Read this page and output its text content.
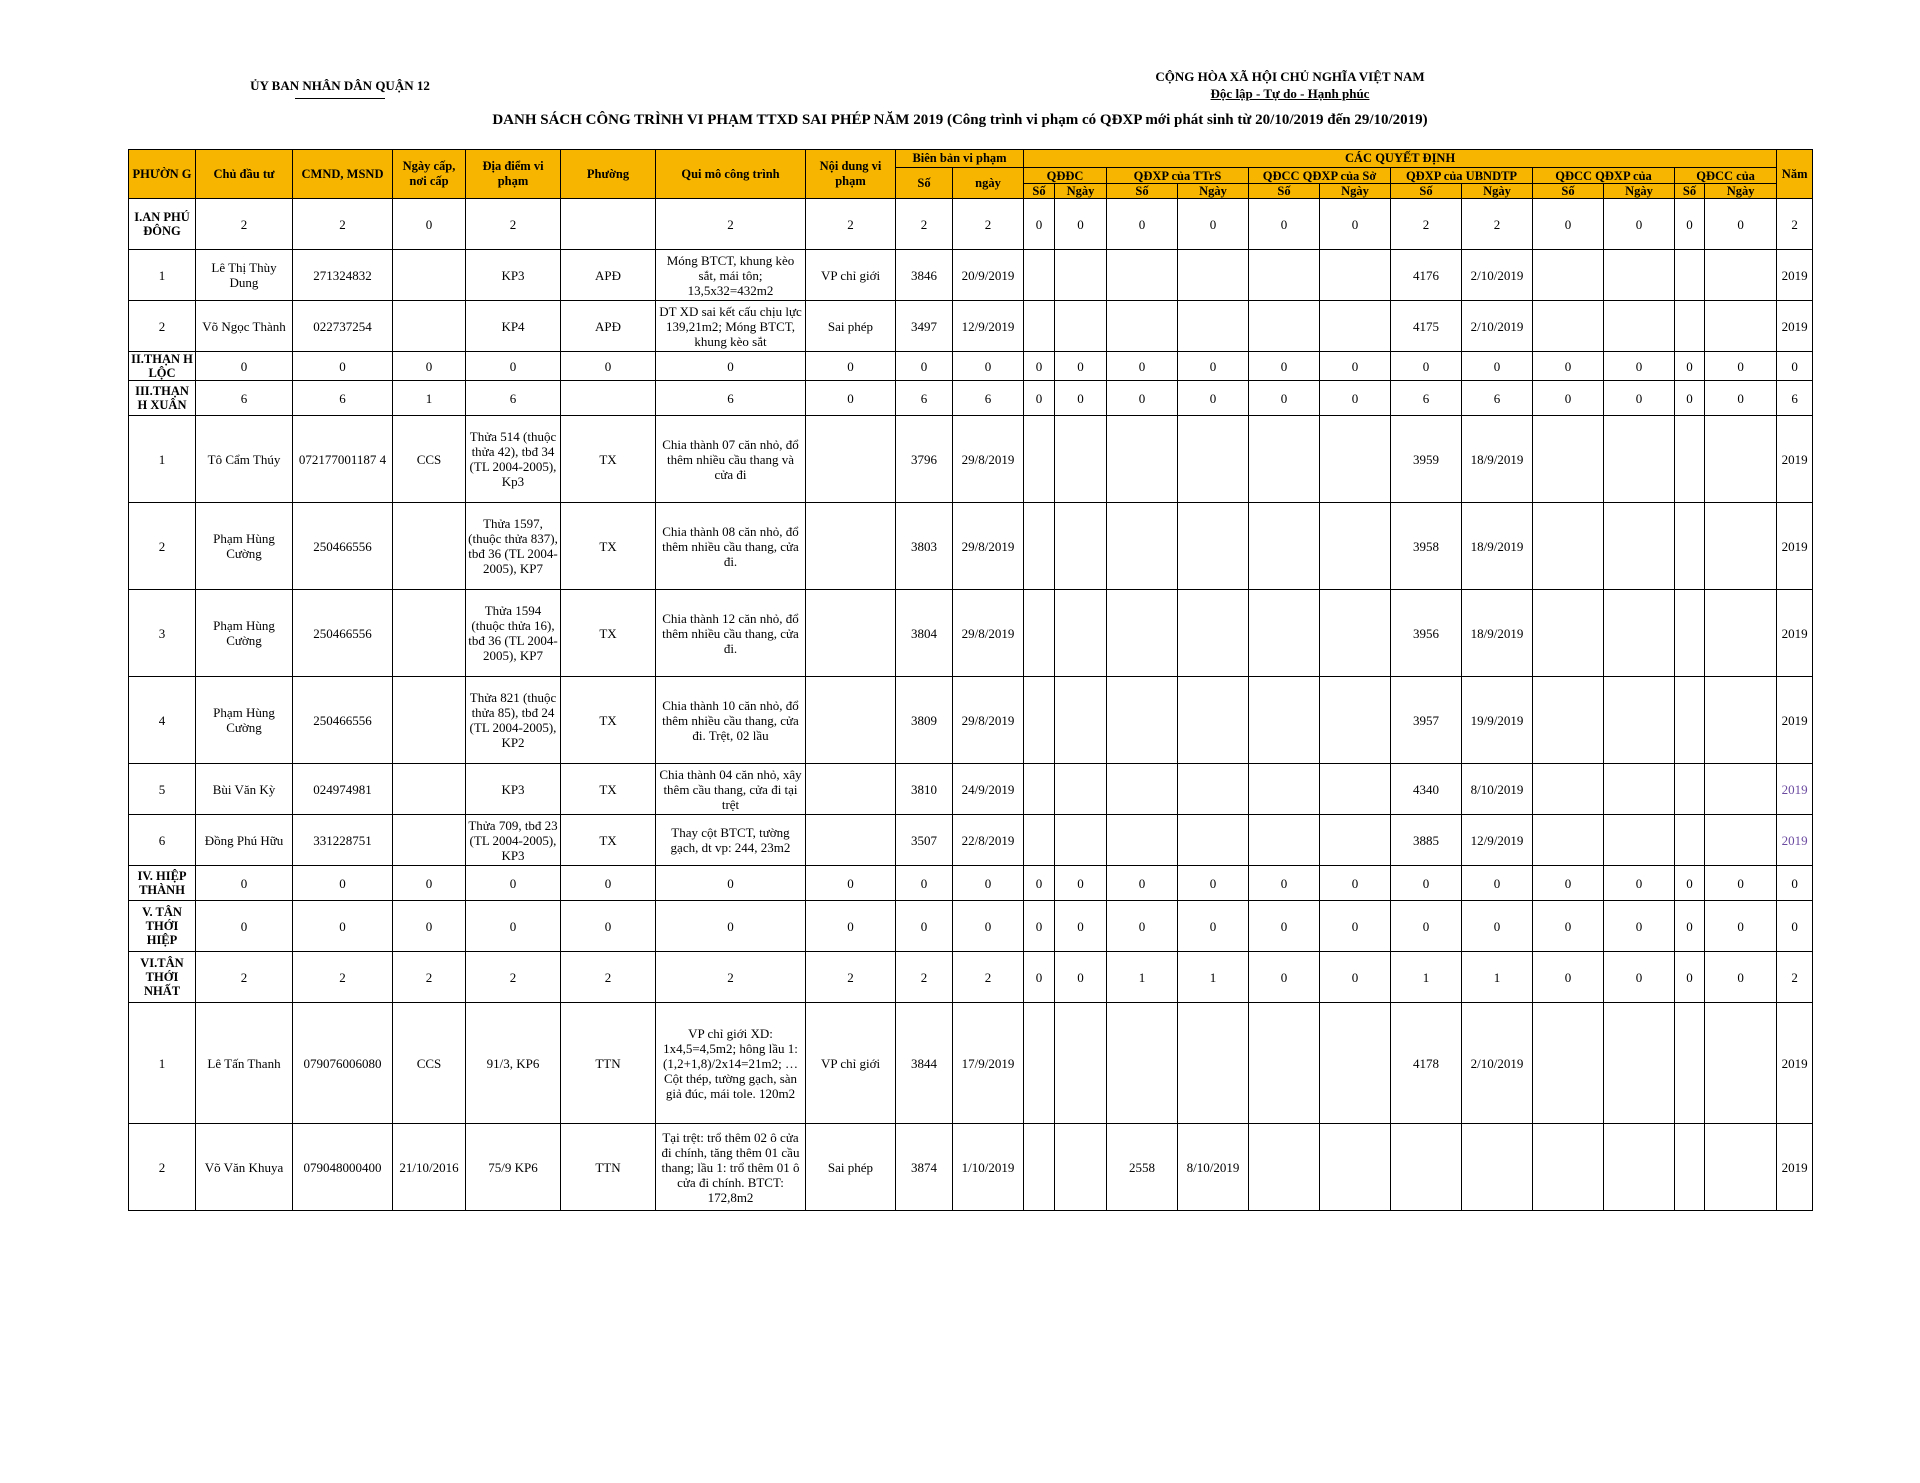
ỦY BAN NHÂN DÂN QUẬN 12
CỘNG HÒA XÃ HỘI CHỦ NGHĨA VIỆT NAM
Độc lập - Tự do - Hạnh phúc
DANH SÁCH CÔNG TRÌNH VI PHẠM TTXD SAI PHÉP NĂM 2019 (Công trình vi phạm có QĐXP mới phát sinh từ 20/10/2019 đến 29/10/2019)
PHƯỜN G	Chủ đầu tư	CMND, MSND	Ngày cấp, nơi cấp	Địa điểm vi phạm	Phường	Qui mô công trình	Nội dung vi phạm	Biên bản vi phạm		CÁC QUYẾT ĐỊNH												Năm
								Số	ngày	QĐĐC		QĐXP của TTrS		QĐCC QĐXP của Sở		QĐXP của UBNDTP		QĐCC QĐXP của		QĐCC của		
										Số	Ngày	Số	Ngày	Số	Ngày	Số	Ngày	Số	Ngày	Số	Ngày	
I.AN PHÚ ĐÔNG	2	2	0	2		2	2	2	2	0	0	0	0	0	0	2	2	0	0	0	0	2
1	Lê Thị Thùy Dung	271324832		KP3	APĐ	Móng BTCT, khung kèo sắt, mái tôn; 13,5x32=432m2	VP chỉ giới	3846	20/9/2019							4176	2/10/2019					2019
2	Võ Ngọc Thành	022737254		KP4	APĐ	DT XD sai kết cấu chịu lực 139,21m2; Móng BTCT, khung kèo sắt	Sai phép	3497	12/9/2019							4175	2/10/2019					2019
II.THẠN H LỘC	0	0	0	0	0	0	0	0	0	0	0	0	0	0	0	0	0	0	0	0	0	0
III.THẠN H XUÂN	6	6	1	6		6	0	6	6	0	0	0	0	0	0	6	6	0	0	0	0	6
1	Tô Cẩm Thúy	072177001187 4	CCS	Thửa 514 (thuộc thửa 42), tbđ 34 (TL 2004-2005), Kp3	TX	Chia thành 07 căn nhỏ, đổ thêm nhiều cầu thang và cửa đi		3796	29/8/2019							3959	18/9/2019					2019
2	Phạm Hùng Cường	250466556		Thửa 1597, (thuộc thửa 837), tbđ 36 (TL 2004-2005), KP7	TX	Chia thành 08 căn nhỏ, đổ thêm nhiều cầu thang, cửa đi.		3803	29/8/2019							3958	18/9/2019					2019
3	Phạm Hùng Cường	250466556		Thửa 1594 (thuộc thửa 16), tbđ 36 (TL 2004-2005), KP7	TX	Chia thành 12 căn nhỏ, đổ thêm nhiều cầu thang, cửa đi.		3804	29/8/2019							3956	18/9/2019					2019
4	Phạm Hùng Cường	250466556		Thửa 821 (thuộc thửa 85), tbđ 24 (TL 2004-2005), KP2	TX	Chia thành 10 căn nhỏ, đổ thêm nhiều cầu thang, cửa đi. Trệt, 02 lầu		3809	29/8/2019							3957	19/9/2019					2019
5	Bùi Văn Kỳ	024974981		KP3	TX	Chia thành 04 căn nhỏ, xây thêm cầu thang, cửa đi tại trệt		3810	24/9/2019							4340	8/10/2019					2019
6	Đồng Phú Hữu	331228751		Thửa 709, tbđ 23 (TL 2004-2005), KP3	TX	Thay cột BTCT, tường gạch, dt vp: 244, 23m2		3507	22/8/2019							3885	12/9/2019					2019
IV. HIỆP THÀNH	0	0	0	0	0	0	0	0	0	0	0	0	0	0	0	0	0	0	0	0	0	0
V. TÂN THỚI HIỆP	0	0	0	0	0	0	0	0	0	0	0	0	0	0	0	0	0	0	0	0	0	0
VI.TÂN THỚI NHẤT	2	2	2	2	2	2	2	2	2	0	0	1	1	0	0	1	1	0	0	0	0	2
1	Lê Tấn Thanh	079076006080	CCS	91/3, KP6	TTN	VP chỉ giới XD: 1x4,5=4,5m2; hông lầu 1: (1,2+1,8)/2x14=21m2; …Cột thép, tường gạch, sàn giả đúc, mái tole. 120m2	VP chỉ giới	3844	17/9/2019							4178	2/10/2019					2019
2	Võ Văn Khuya	079048000400	21/10/2016	75/9 KP6	TTN	Tại trệt: trổ thêm 02 ô cửa đi chính, tăng thêm 01 cầu thang; lầu 1: trổ thêm 01 ô cửa đi chính. BTCT: 172,8m2	Sai phép	3874	1/10/2019			2558	8/10/2019									2019
